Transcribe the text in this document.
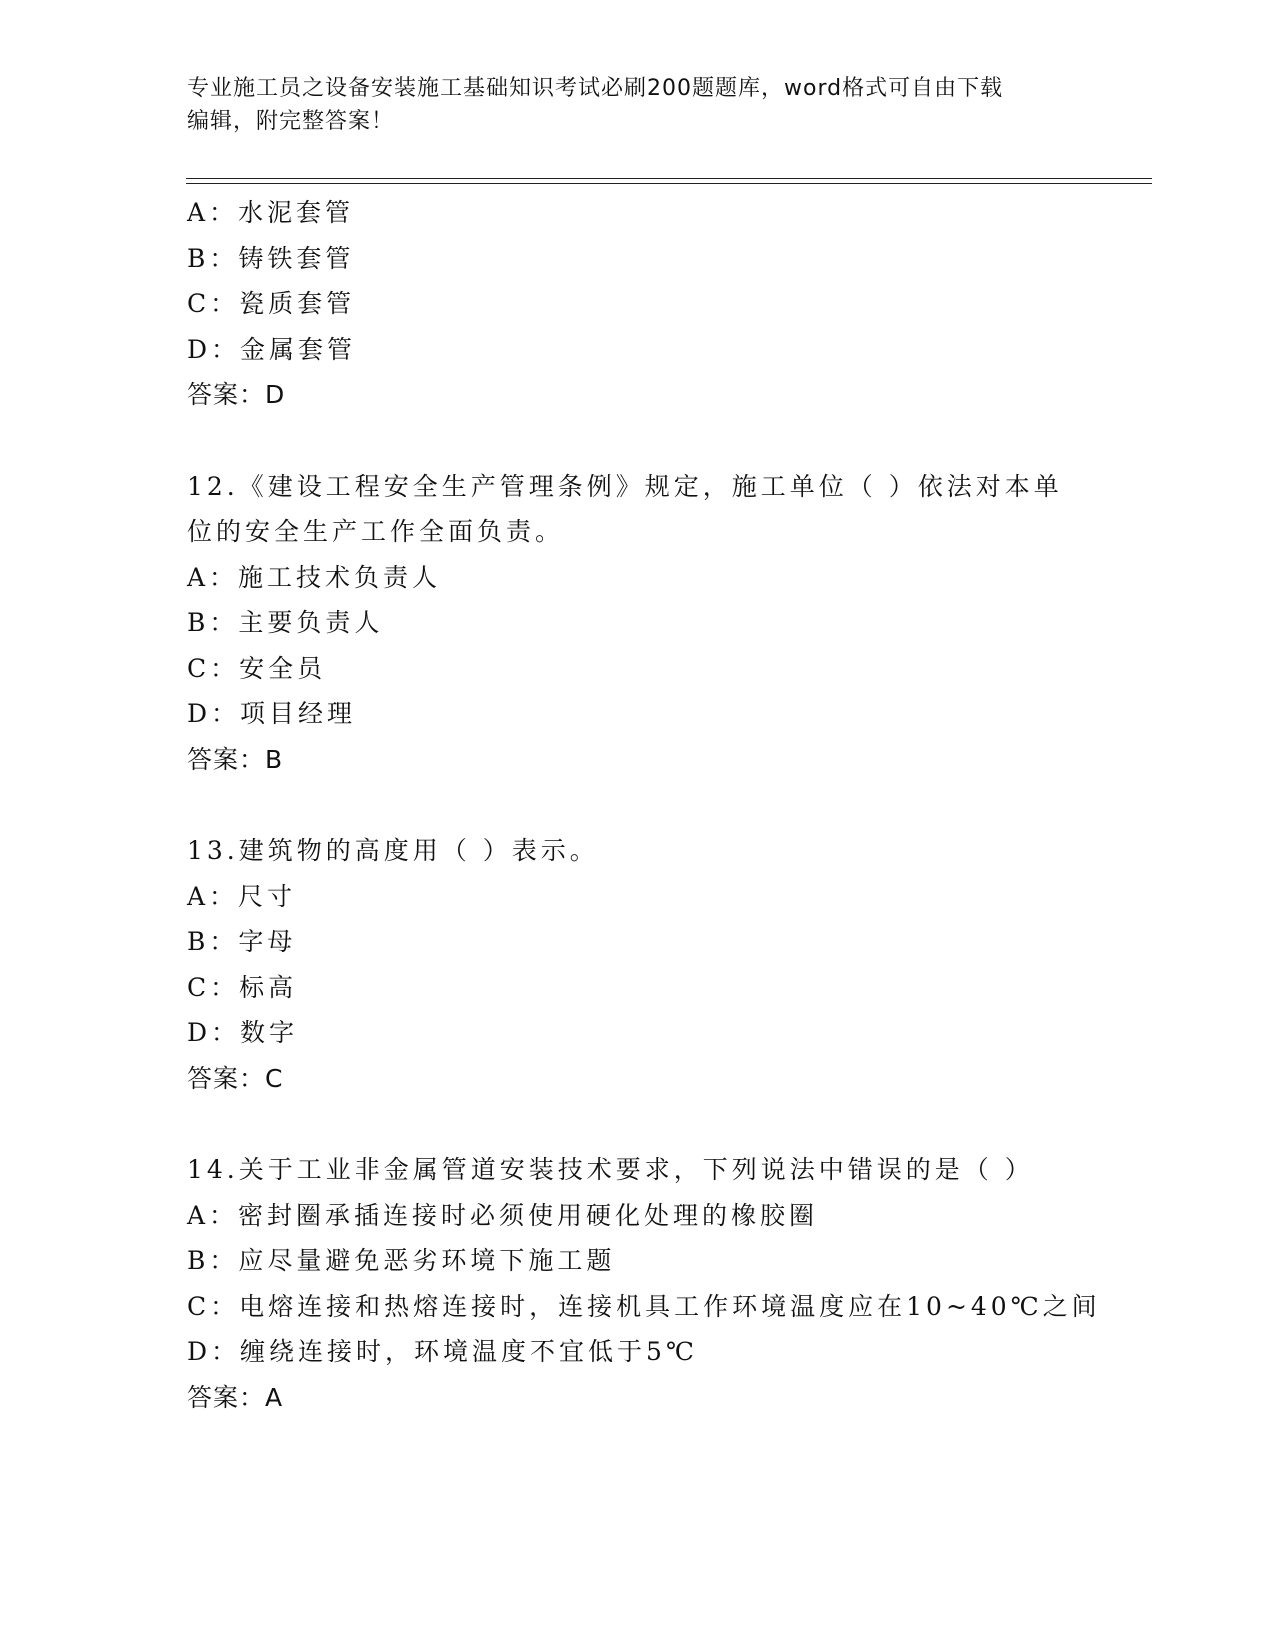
专业施工员之设备安装施工基础知识考试必刷200题题库，word格式可自由下载
编辑，附完整答案！
A：水泥套管
B：铸铁套管
C：瓷质套管
D：金属套管
答案：D
12.《建设工程安全生产管理条例》规定，施工单位（ ）依法对本单
位的安全生产工作全面负责。
A：施工技术负责人
B：主要负责人
C：安全员
D：项目经理
答案：B
13.建筑物的高度用（ ）表示。
A：尺寸
B：字母
C：标高
D：数字
答案：C
14.关于工业非金属管道安装技术要求，下列说法中错误的是（ ）
A：密封圈承插连接时必须使用硬化处理的橡胶圈
B：应尽量避免恶劣环境下施工题
C：电熔连接和热熔连接时，连接机具工作环境温度应在10~40℃之间
D：缠绕连接时，环境温度不宜低于5℃
答案：A
